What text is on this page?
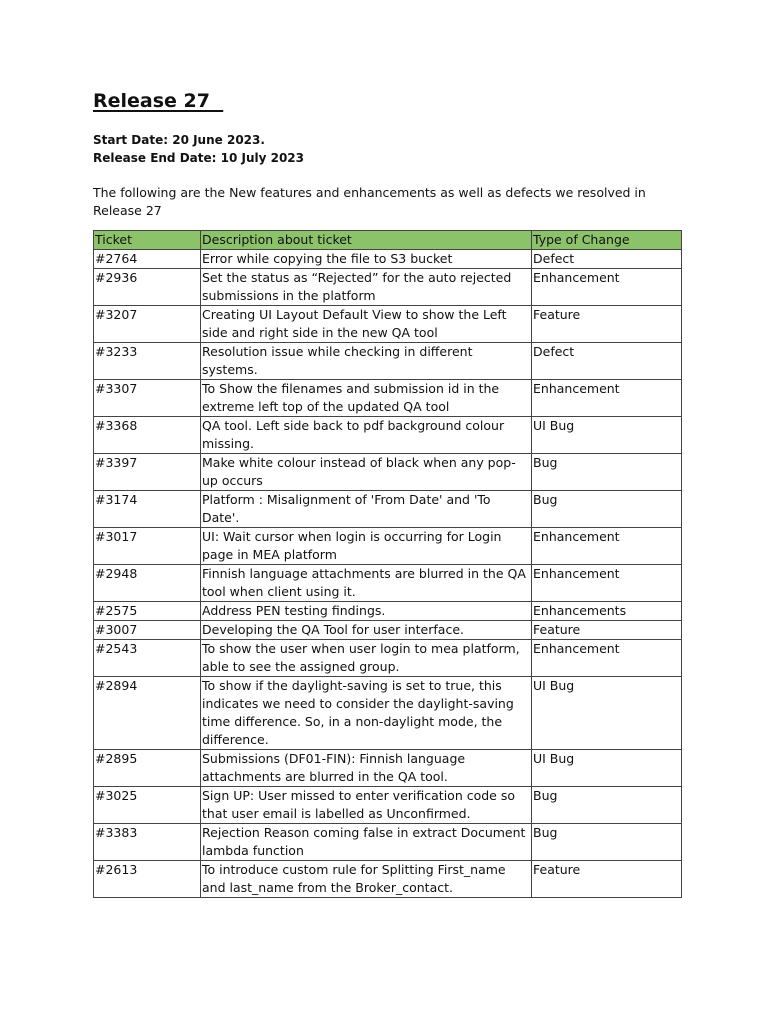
Release 27
Start Date: 20 June 2023.
Release End Date: 10 July 2023
The following are the New features and enhancements as well as defects we resolved in Release 27
Ticket	Description about ticket	Type of Change
#2764	Error while copying the file to S3 bucket	Defect
#2936	Set the status as “Rejected” for the auto rejected submissions in the platform	Enhancement
#3207	Creating UI Layout Default View to show the Left side and right side in the new QA tool	Feature
#3233	Resolution issue while checking in different systems.	Defect
#3307	To Show the filenames and submission id in the extreme left top of the updated QA tool	Enhancement
#3368	QA tool. Left side back to pdf background colour missing.	UI Bug
#3397	Make white colour instead of black when any pop-up occurs	Bug
#3174	Platform : Misalignment of 'From Date' and 'To Date'.	Bug
#3017	UI: Wait cursor when login is occurring for Login page in MEA platform	Enhancement
#2948	Finnish language attachments are blurred in the QA tool when client using it.	Enhancement
#2575	Address PEN testing findings.	Enhancements
#3007	Developing the QA Tool for user interface.	Feature
#2543	To show the user when user login to mea platform, able to see the assigned group.	Enhancement
#2894	To show if the daylight-saving is set to true, this indicates we need to consider the daylight-saving time difference. So, in a non-daylight mode, the difference.	UI Bug
#2895	Submissions (DF01-FIN): Finnish language attachments are blurred in the QA tool.	UI Bug
#3025	Sign UP: User missed to enter verification code so that user email is labelled as Unconfirmed.	Bug
#3383	Rejection Reason coming false in extract Document lambda function	Bug
#2613	To introduce custom rule for Splitting First_name and last_name from the Broker_contact.	Feature
